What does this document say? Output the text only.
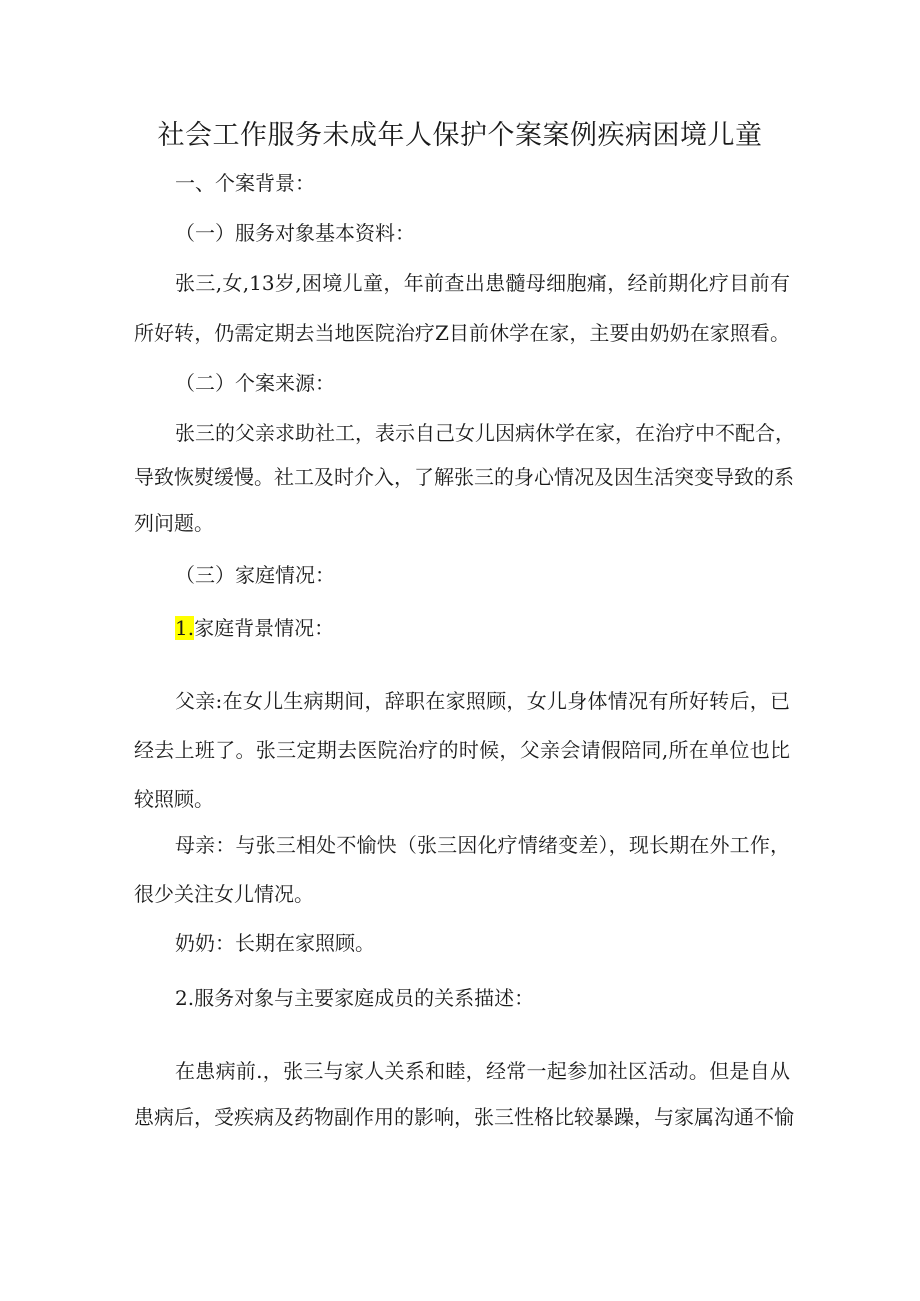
社会工作服务未成年人保护个案案例疾病困境儿童
一、个案背景：
（一）服务对象基本资料：
张三,女,13岁,困境儿童，年前查出患髓母细胞痛，经前期化疗目前有
所好转，仍需定期去当地医院治疗Z目前休学在家，主要由奶奶在家照看。
（二）个案来源：
张三的父亲求助社工，表示自己女儿因病休学在家，在治疗中不配合，
导致恢熨缓慢。社工及时介入，了解张三的身心情况及因生活突变导致的系
列问题。
（三）家庭情况：
1.家庭背景情况：
父亲:在女儿生病期间，辞职在家照顾，女儿身体情况有所好转后，已
经去上班了。张三定期去医院治疗的时候，父亲会请假陪同,所在单位也比
较照顾。
母亲：与张三相处不愉快（张三因化疗情绪变差），现长期在外工作，
很少关注女儿情况。
奶奶：长期在家照顾。
2.服务对象与主要家庭成员的关系描述：
在患病前.，张三与家人关系和睦，经常一起参加社区活动。但是自从
患病后，受疾病及药物副作用的影响，张三性格比较暴躁，与家属沟通不愉
